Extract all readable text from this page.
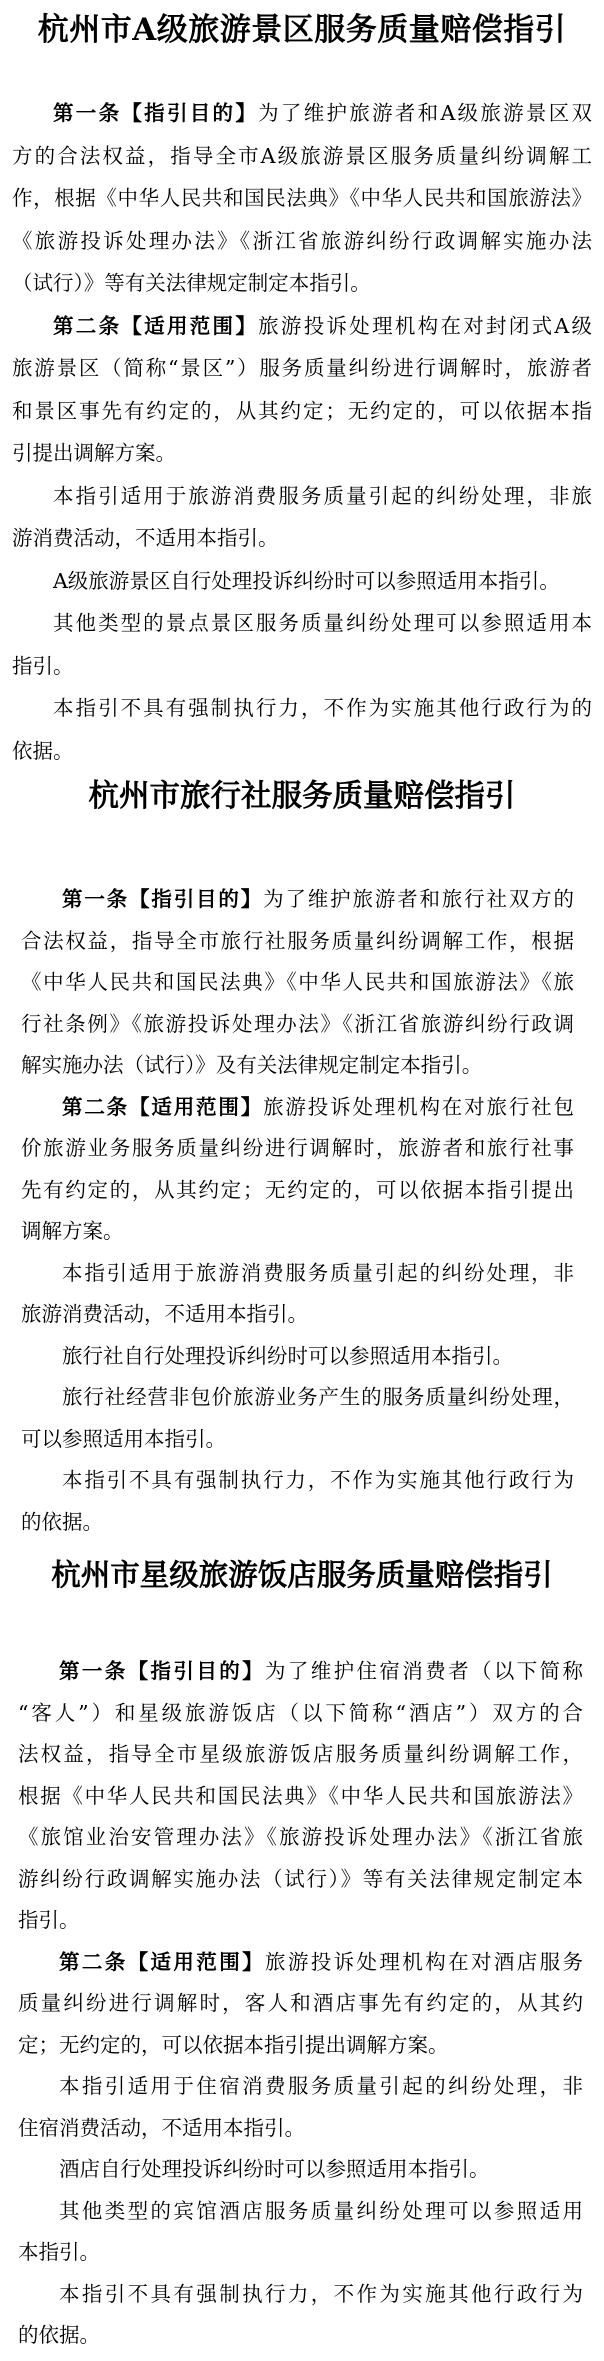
杭州市A级旅游景区服务质量赔偿指引
第一条【指引目的】为了维护旅游者和A级旅游景区双
方的合法权益，指导全市A级旅游景区服务质量纠纷调解工
作，根据《中华人民共和国民法典》《中华人民共和国旅游法》
《旅游投诉处理办法》《浙江省旅游纠纷行政调解实施办法
（试行）》等有关法律规定制定本指引。
第二条【适用范围】旅游投诉处理机构在对封闭式A级
旅游景区（简称“景区”）服务质量纠纷进行调解时，旅游者
和景区事先有约定的，从其约定；无约定的，可以依据本指
引提出调解方案。
本指引适用于旅游消费服务质量引起的纠纷处理，非旅
游消费活动，不适用本指引。
A级旅游景区自行处理投诉纠纷时可以参照适用本指引。
其他类型的景点景区服务质量纠纷处理可以参照适用本
指引。
本指引不具有强制执行力，不作为实施其他行政行为的
依据。
杭州市旅行社服务质量赔偿指引
第一条【指引目的】为了维护旅游者和旅行社双方的
合法权益，指导全市旅行社服务质量纠纷调解工作，根据
《中华人民共和国民法典》《中华人民共和国旅游法》《旅
行社条例》《旅游投诉处理办法》《浙江省旅游纠纷行政调
解实施办法（试行）》及有关法律规定制定本指引。
第二条【适用范围】旅游投诉处理机构在对旅行社包
价旅游业务服务质量纠纷进行调解时，旅游者和旅行社事
先有约定的，从其约定；无约定的，可以依据本指引提出
调解方案。
本指引适用于旅游消费服务质量引起的纠纷处理，非
旅游消费活动，不适用本指引。
旅行社自行处理投诉纠纷时可以参照适用本指引。
旅行社经营非包价旅游业务产生的服务质量纠纷处理，
可以参照适用本指引。
本指引不具有强制执行力，不作为实施其他行政行为
的依据。
杭州市星级旅游饭店服务质量赔偿指引
第一条【指引目的】为了维护住宿消费者（以下简称
“客人”）和星级旅游饭店（以下简称“酒店”）双方的合
法权益，指导全市星级旅游饭店服务质量纠纷调解工作，
根据《中华人民共和国民法典》《中华人民共和国旅游法》
《旅馆业治安管理办法》《旅游投诉处理办法》《浙江省旅
游纠纷行政调解实施办法（试行）》等有关法律规定制定本
指引。
第二条【适用范围】旅游投诉处理机构在对酒店服务
质量纠纷进行调解时，客人和酒店事先有约定的，从其约
定；无约定的，可以依据本指引提出调解方案。
本指引适用于住宿消费服务质量引起的纠纷处理，非
住宿消费活动，不适用本指引。
酒店自行处理投诉纠纷时可以参照适用本指引。
其他类型的宾馆酒店服务质量纠纷处理可以参照适用
本指引。
本指引不具有强制执行力，不作为实施其他行政行为
的依据。
